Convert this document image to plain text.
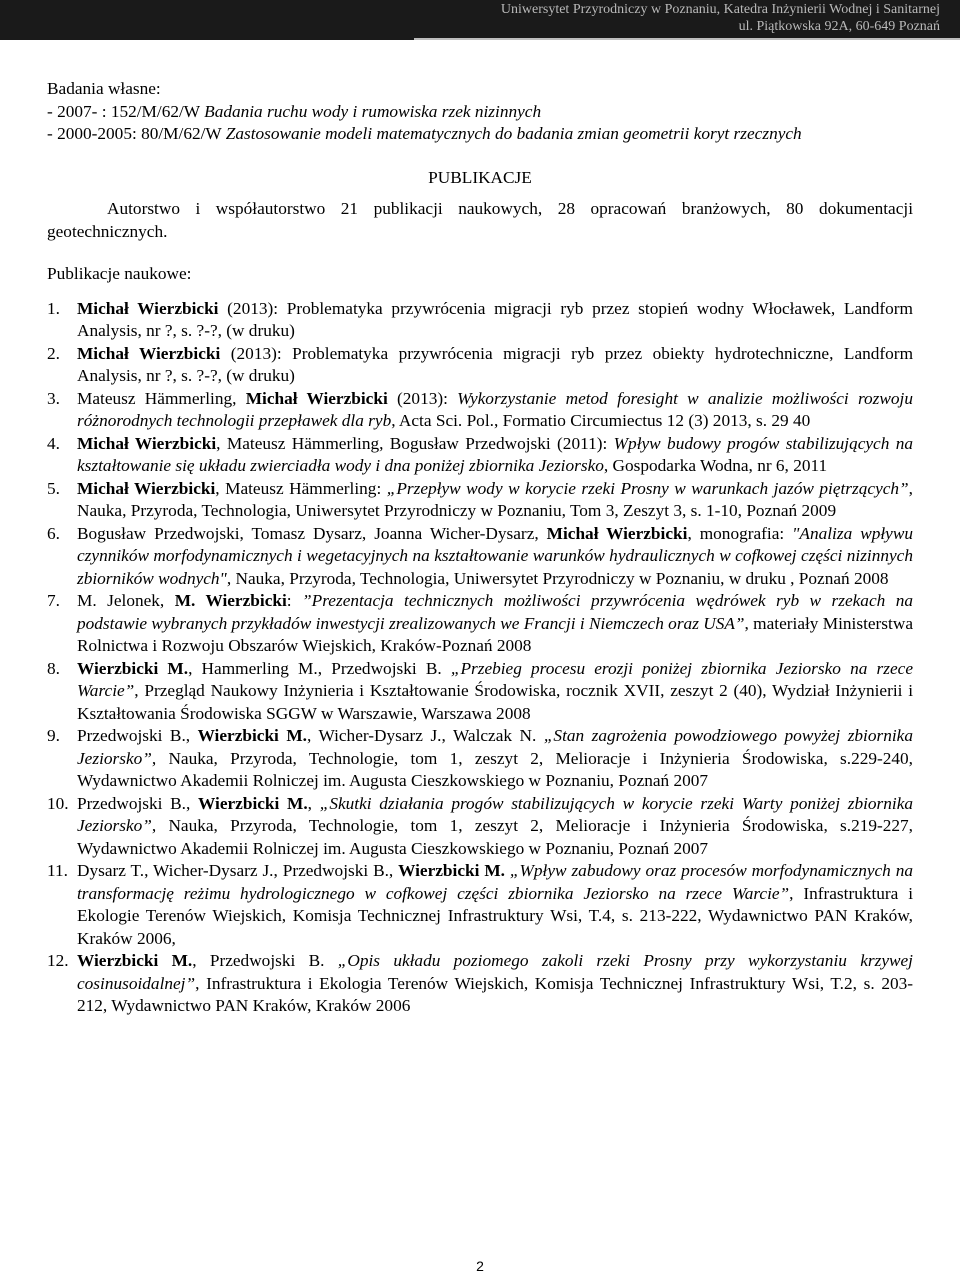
Uniwersytet Przyrodniczy w Poznaniu, Katedra Inżynierii Wodnej i Sanitarnej
ul. Piątkowska 92A, 60-649 Poznań

Badania własne:

- 2007- : 152/M/62/W Badania ruchu wody i rumowiska rzek nizinnych

- 2000-2005: 80/M/62/W Zastosowanie modeli matematycznych do badania zmian geometrii koryt rzecznych

PUBLIKACJE

Autorstwo i współautorstwo 21 publikacji naukowych, 28 opracowań branżowych, 80 dokumentacji geotechnicznych.

Publikacje naukowe:

1. Michał Wierzbicki (2013): Problematyka przywrócenia migracji ryb przez stopień wodny Włocławek, Landform Analysis, nr ?, s. ?-?, (w druku)
2. Michał Wierzbicki (2013): Problematyka przywrócenia migracji ryb przez obiekty hydrotechniczne, Landform Analysis, nr ?, s. ?-?, (w druku)
3. Mateusz Hämmerling, Michał Wierzbicki (2013): Wykorzystanie metod foresight w analizie możliwości rozwoju różnorodnych technologii przepławek dla ryb, Acta Sci. Pol., Formatio Circumiectus 12 (3) 2013, s. 29 40
4. Michał Wierzbicki, Mateusz Hämmerling, Bogusław Przedwojski (2011): Wpływ budowy progów stabilizujących na kształtowanie się układu zwierciadła wody i dna poniżej zbiornika Jeziorsko, Gospodarka Wodna, nr 6, 2011
5. Michał Wierzbicki, Mateusz Hämmerling: „Przepływ wody w korycie rzeki Prosny w warunkach jazów piętrzących”, Nauka, Przyroda, Technologia, Uniwersytet Przyrodniczy w Poznaniu, Tom 3, Zeszyt 3, s. 1-10, Poznań 2009
6. Bogusław Przedwojski, Tomasz Dysarz, Joanna Wicher-Dysarz, Michał Wierzbicki, monografia: "Analiza wpływu czynników morfodynamicznych i wegetacyjnych na kształtowanie warunków hydraulicznych w cofkowej części nizinnych zbiorników wodnych", Nauka, Przyroda, Technologia, Uniwersytet Przyrodniczy w Poznaniu, w druku , Poznań 2008
7. M. Jelonek, M. Wierzbicki: ”Prezentacja technicznych możliwości przywrócenia wędrówek ryb w rzekach na podstawie wybranych przykładów inwestycji zrealizowanych we Francji i Niemczech oraz USA”, materiały Ministerstwa Rolnictwa i Rozwoju Obszarów Wiejskich, Kraków-Poznań 2008
8. Wierzbicki M., Hammerling M., Przedwojski B. „Przebieg procesu erozji poniżej zbiornika Jeziorsko na rzece Warcie”, Przegląd Naukowy Inżynieria i Kształtowanie Środowiska, rocznik XVII, zeszyt 2 (40), Wydział Inżynierii i Kształtowania Środowiska SGGW w Warszawie, Warszawa 2008
9. Przedwojski B., Wierzbicki M., Wicher-Dysarz J., Walczak N. „Stan zagrożenia powodziowego powyżej zbiornika Jeziorsko”, Nauka, Przyroda, Technologie, tom 1, zeszyt 2, Melioracje i Inżynieria Środowiska, s.229-240, Wydawnictwo Akademii Rolniczej im. Augusta Cieszkowskiego w Poznaniu, Poznań 2007
10. Przedwojski B., Wierzbicki M., „Skutki działania progów stabilizujących w korycie rzeki Warty poniżej zbiornika Jeziorsko”, Nauka, Przyroda, Technologie, tom 1, zeszyt 2, Melioracje i Inżynieria Środowiska, s.219-227, Wydawnictwo Akademii Rolniczej im. Augusta Cieszkowskiego w Poznaniu, Poznań 2007
11. Dysarz T., Wicher-Dysarz J., Przedwojski B., Wierzbicki M. „Wpływ zabudowy oraz procesów morfodynamicznych na transformację reżimu hydrologicznego w cofkowej części zbiornika Jeziorsko na rzece Warcie”, Infrastruktura i Ekologie Terenów Wiejskich, Komisja Technicznej Infrastruktury Wsi, T.4, s. 213-222, Wydawnictwo PAN Kraków, Kraków 2006,
12. Wierzbicki M., Przedwojski B. „Opis układu poziomego zakoli rzeki Prosny przy wykorzystaniu krzywej cosinusoidalnej”, Infrastruktura i Ekologia Terenów Wiejskich, Komisja Technicznej Infrastruktury Wsi, T.2, s. 203-212, Wydawnictwo PAN Kraków, Kraków 2006
2
